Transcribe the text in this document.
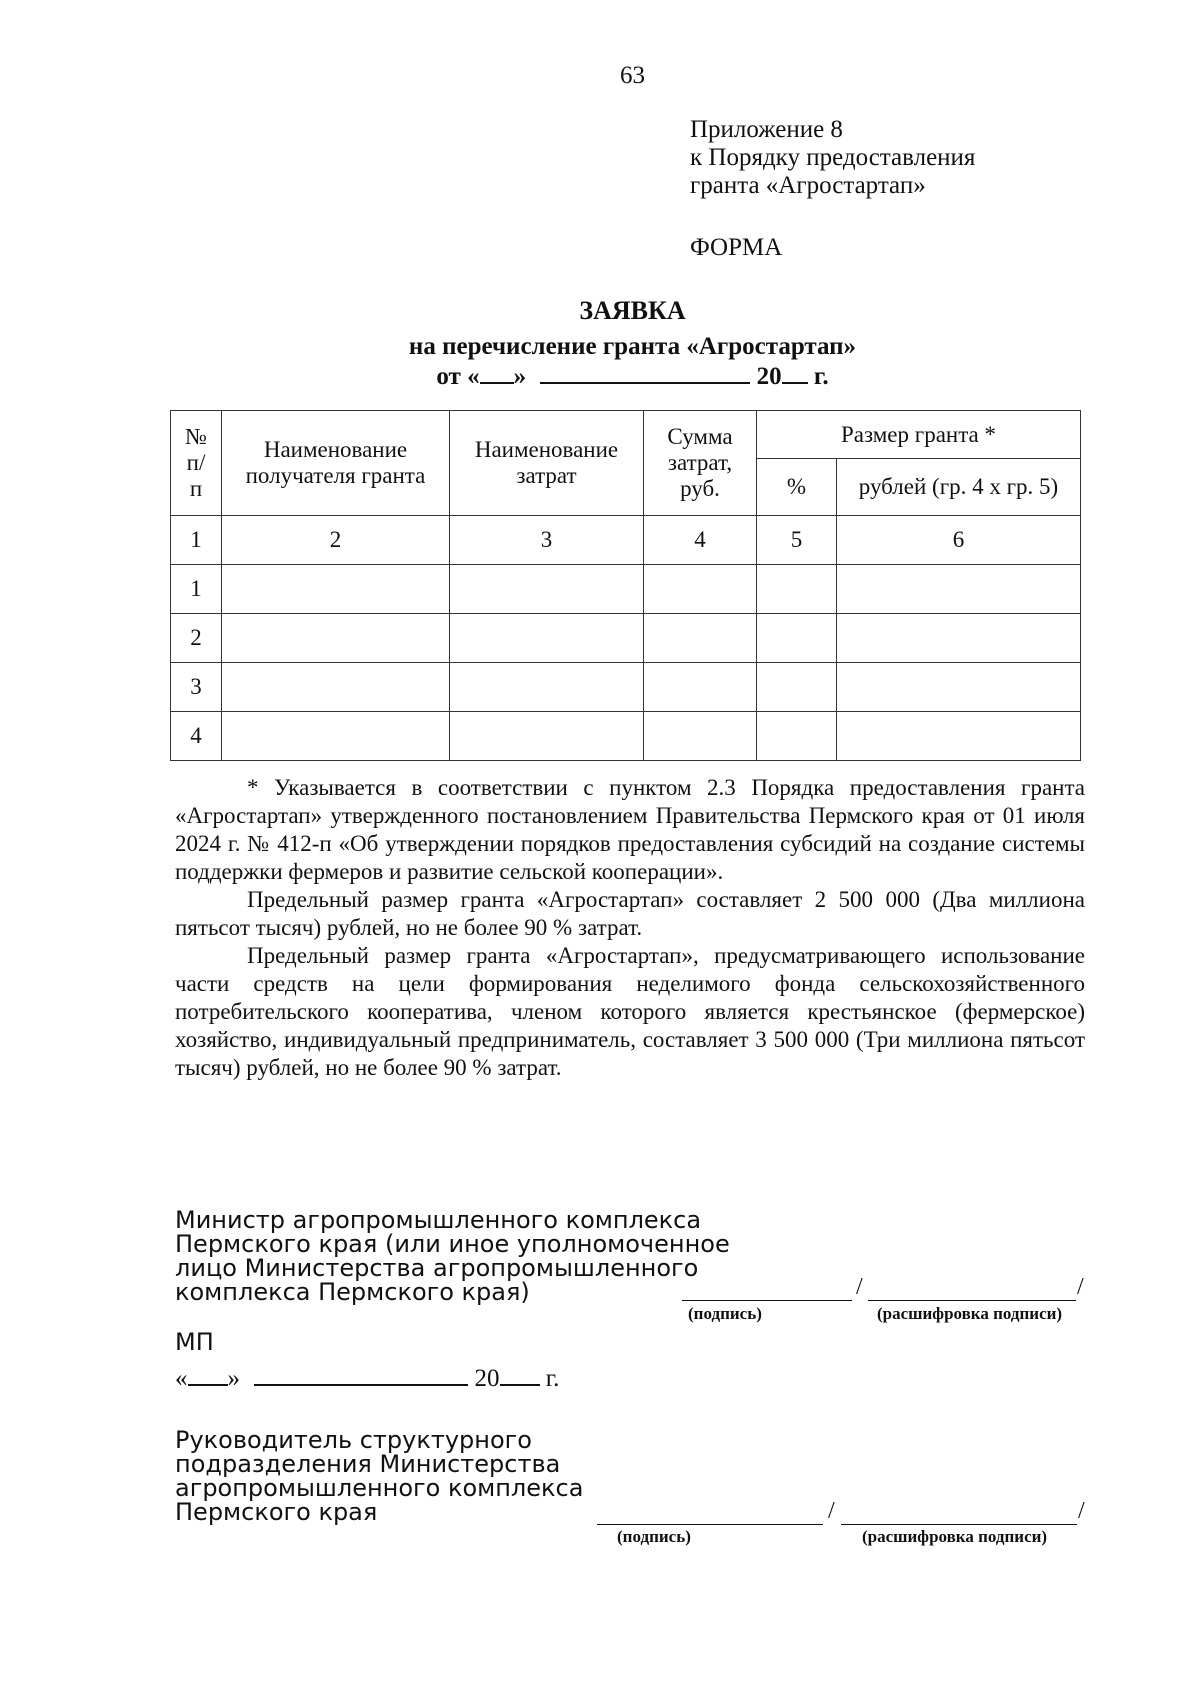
63
Приложение 8
к Порядку предоставления
гранта «Агростартап»
ФОРМА
ЗАЯВКА
на перечисление гранта «Агростартап»
от « »	20 г.
№ п/п	Наименование получателя гранта	Наименование затрат	Сумма затрат, руб.	Размер гранта *	
				%	рублей (гр. 4 х гр. 5)
1	2	3	4	5	6
1					
2					
3					
4					

* Указывается в соответствии с пунктом 2.3 Порядка предоставления гранта «Агростартап» утвержденного постановлением Правительства Пермского края от 01 июля 2024 г. № 412-п «Об утверждении порядков предоставления субсидий на создание системы поддержки фермеров и развитие сельской кооперации».

Предельный размер гранта «Агростартап» составляет 2 500 000 (Два миллиона пятьсот тысяч) рублей, но не более 90 % затрат.

Предельный размер гранта «Агростартап», предусматривающего использование части средств на цели формирования неделимого фонда сельскохозяйственного потребительского кооператива, членом которого является крестьянское (фермерское) хозяйство, индивидуальный предприниматель, составляет 3 500 000 (Три миллиона пятьсот тысяч) рублей, но не более 90 % затрат.

Министр агропромышленного комплекса
Пермского края (или иное уполномоченное
лицо Министерства агропромышленного
комплекса Пермского края)	/	/
(подпись)	(расшифровка подписи)
МП
« »	20 г.
Руководитель структурного
подразделения Министерства
агропромышленного комплекса
Пермского края	/	/
(подпись)	(расшифровка подписи)
